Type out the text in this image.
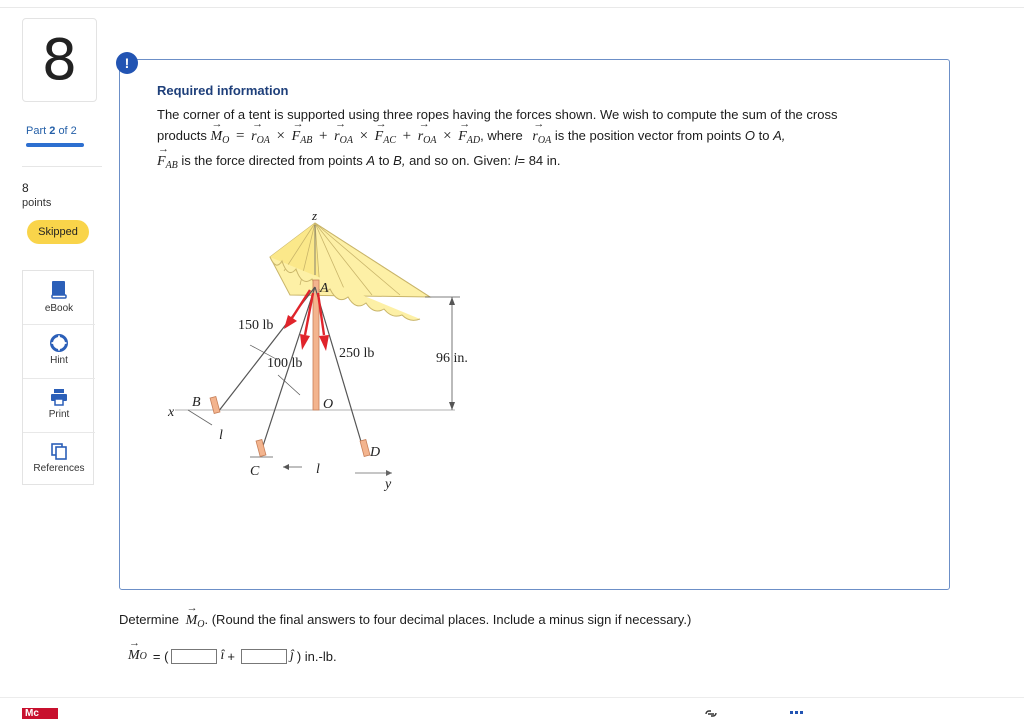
8
Part 2 of 2
8
points
Skipped
eBook
Hint
Print
References
Mc
!
Required information
The corner of a tent is supported using three ropes having the forces shown. We wish to compute the sum of the cross
products → $M_O$ = → $r_{OA}$ × → $F_{AB}$ + → $r_{OA}$ × → $F_{AC}$ + → $r_{OA}$ × → $F_{AD}$, where → $r_{OA}$ is the position vector from points O to A,
→ $F_{AB}$ is the force directed from points A to B, and so on. Given: l= 84 in.
z
A
150 lb
100 lb
250 lb	96 in.
B
x
O
l
C	l
D
y
Determine → $M_O$. (Round the final answers to four decimal places. Include a minus sign if necessary.)
→ M O = (	î +	ĵ ) in.-lb.
